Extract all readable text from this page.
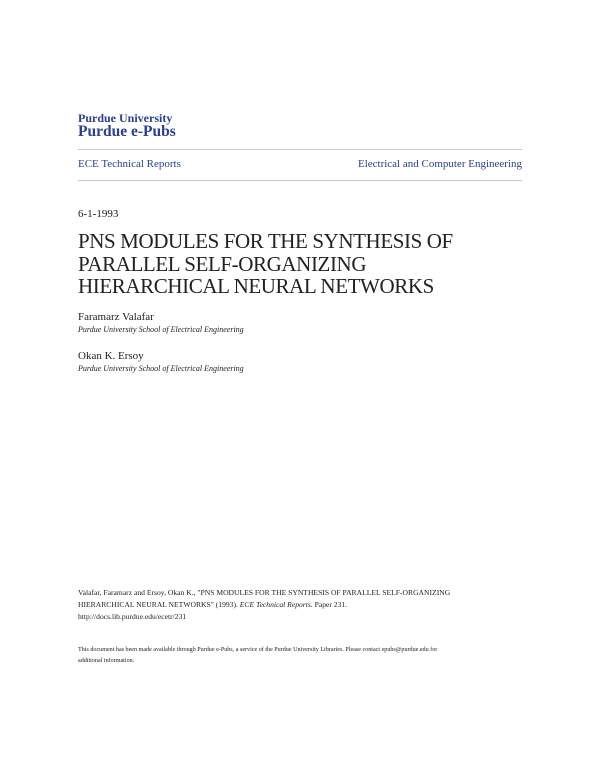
Purdue University
Purdue e-Pubs
ECE Technical Reports	Electrical and Computer Engineering
6-1-1993
PNS MODULES FOR THE SYNTHESIS OF
PARALLEL SELF-ORGANIZING
HIERARCHICAL NEURAL NETWORKS
Faramarz Valafar
Purdue University School of Electrical Engineering
Okan K. Ersoy
Purdue University School of Electrical Engineering
Valafar, Faramarz and Ersoy, Okan K., "PNS MODULES FOR THE SYNTHESIS OF PARALLEL SELF-ORGANIZING
HIERARCHICAL NEURAL NETWORKS" (1993). ECE Technical Reports. Paper 231.
http://docs.lib.purdue.edu/ecetr/231
This document has been made available through Purdue e-Pubs, a service of the Purdue University Libraries. Please contact epubs@purdue.edu for
additional information.
